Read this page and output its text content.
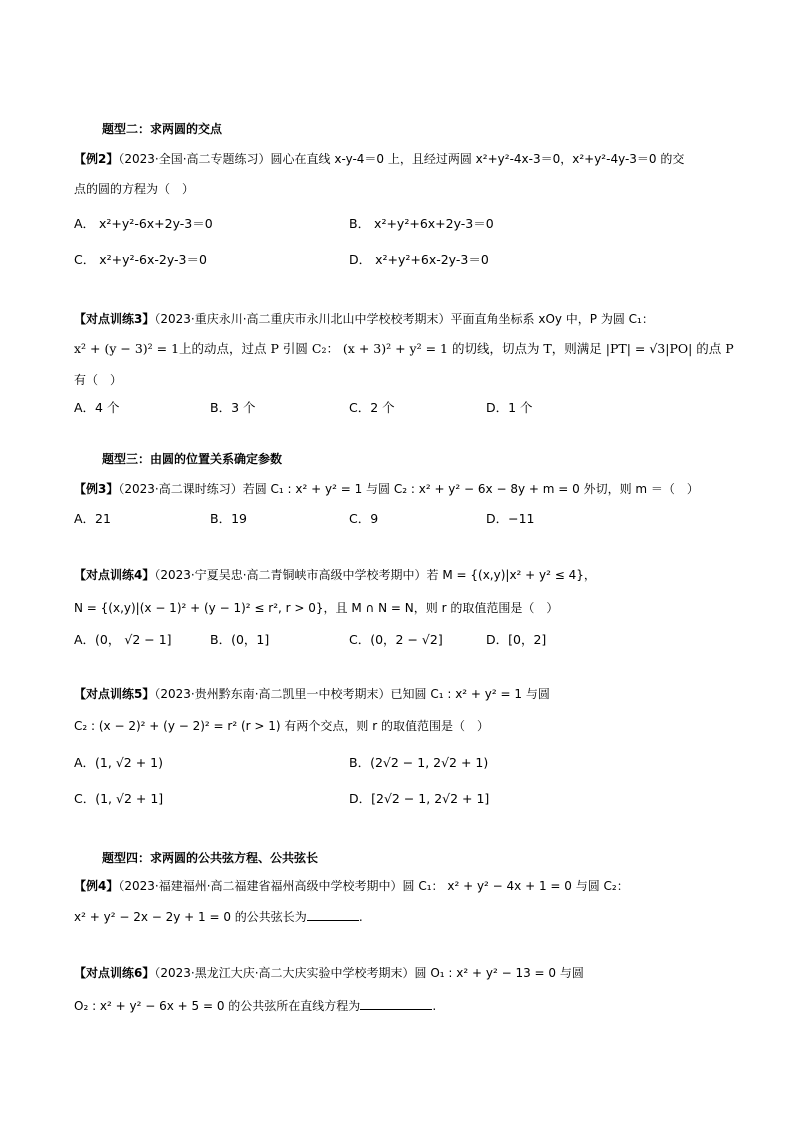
题型二：求两圆的交点
【例2】（2023·全国·高二专题练习）圆心在直线 x-y-4＝0 上，且经过两圆 x²+y²-4x-3＝0，x²+y²-4y-3＝0 的交
点的圆的方程为（　）
A． x²+y²-6x+2y-3＝0	B． x²+y²+6x+2y-3＝0
C． x²+y²-6x-2y-3＝0	D． x²+y²+6x-2y-3＝0
【对点训练3】（2023·重庆永川·高二重庆市永川北山中学校校考期末）平面直角坐标系 xOy 中，P 为圆 C₁：
x² + (y − 3)² = 1上的动点，过点 P 引圆 C₂： (x + 3)² + y² = 1 的切线，切点为 T，则满足 |PT| = √3|PO| 的点 P
有（　）
A．4 个	B．3 个	C．2 个	D．1 个
题型三：由圆的位置关系确定参数
【例3】（2023·高二课时练习）若圆 C₁ : x² + y² = 1 与圆 C₂ : x² + y² − 6x − 8y + m = 0 外切，则 m ＝（　）
A．21	B．19	C．9	D．−11
【对点训练4】（2023·宁夏吴忠·高二青铜峡市高级中学校考期中）若 M = {(x,y)|x² + y² ≤ 4}，
N = {(x,y)|(x − 1)² + (y − 1)² ≤ r², r > 0}，且 M ∩ N = N，则 r 的取值范围是（　）
A．(0， √2 − 1]	B．(0，1]	C．(0，2 − √2]	D．[0，2]
【对点训练5】（2023·贵州黔东南·高二凯里一中校考期末）已知圆 C₁ : x² + y² = 1 与圆
C₂ : (x − 2)² + (y − 2)² = r² (r > 1) 有两个交点，则 r 的取值范围是（　）
A．(1, √2 + 1)	B．(2√2 − 1, 2√2 + 1)
C．(1, √2 + 1]	D．[2√2 − 1, 2√2 + 1]
题型四：求两圆的公共弦方程、公共弦长
【例4】（2023·福建福州·高二福建省福州高级中学校考期中）圆 C₁： x² + y² − 4x + 1 = 0 与圆 C₂：
x² + y² − 2x − 2y + 1 = 0 的公共弦长为	.
【对点训练6】（2023·黑龙江大庆·高二大庆实验中学校考期末）圆 O₁ : x² + y² − 13 = 0 与圆
O₂ : x² + y² − 6x + 5 = 0 的公共弦所在直线方程为	.
